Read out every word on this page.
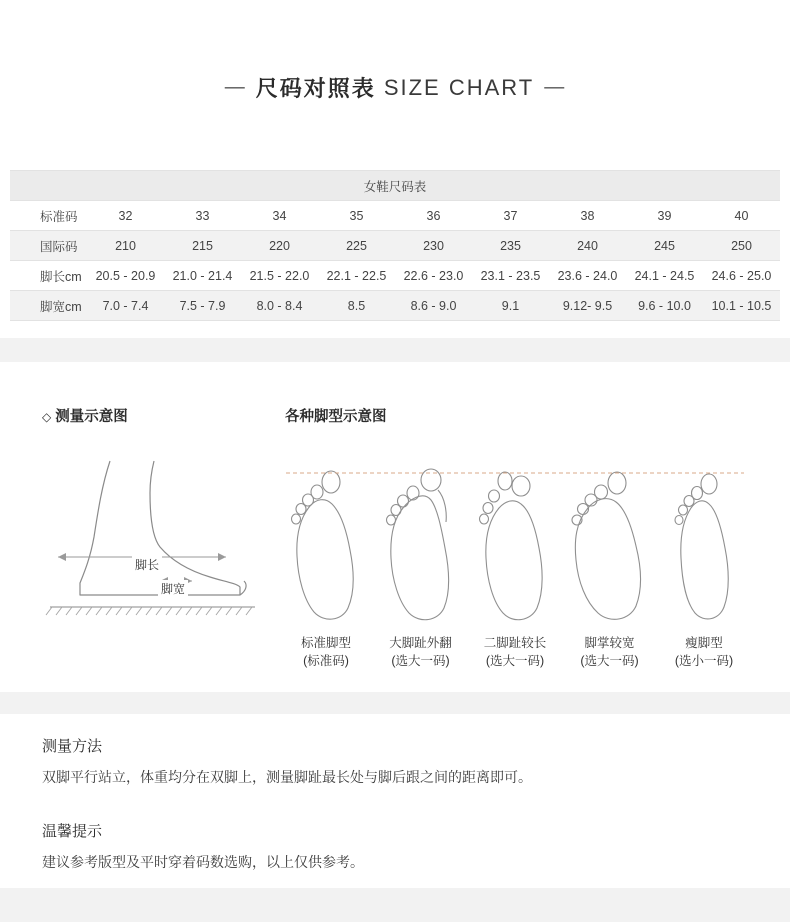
— 尺码对照表 SIZE CHART —
女鞋尺码表									
标准码	32	33	34	35	36	37	38	39	40
国际码	210	215	220	225	230	235	240	245	250
脚长cm	20.5 - 20.9	21.0 - 21.4	21.5 - 22.0	22.1 - 22.5	22.6 - 23.0	23.1 - 23.5	23.6 - 24.0	24.1 - 24.5	24.6 - 25.0
脚宽cm	7.0 - 7.4	7.5 - 7.9	8.0 - 8.4	8.5	8.6 - 9.0	9.1	9.12- 9.5	9.6 - 10.0	10.1 - 10.5
◇ 测量示意图	各种脚型示意图
脚长
脚宽
标准脚型
(标准码)
大脚趾外翻
(选大一码)
二脚趾较长
(选大一码)
脚掌较宽
(选大一码)
瘦脚型
(选小一码)
测量方法
双脚平行站立，体重均分在双脚上，测量脚趾最长处与脚后跟之间的距离即可。
温馨提示
建议参考版型及平时穿着码数选购，以上仅供参考。
